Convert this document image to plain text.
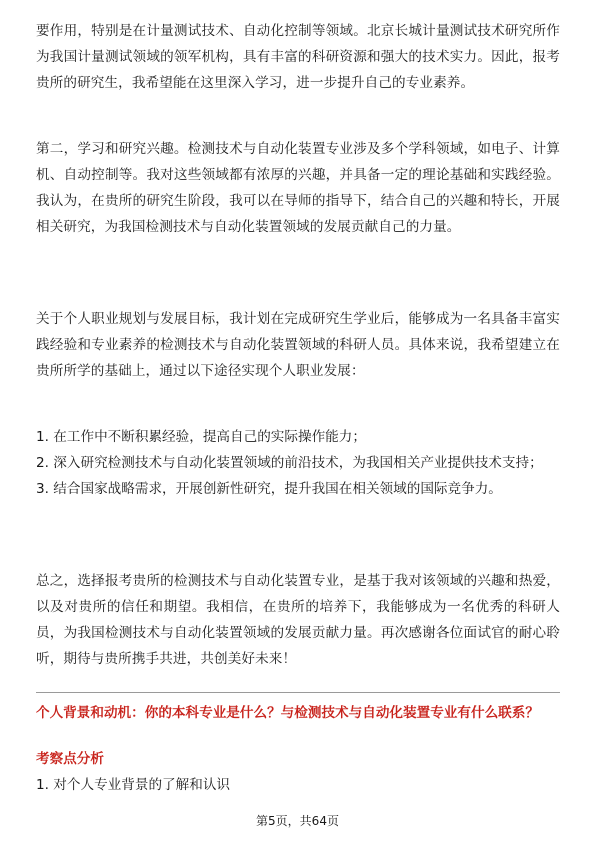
要作用，特别是在计量测试技术、自动化控制等领域。北京长城计量测试技术研究所作为我国计量测试领域的领军机构，具有丰富的科研资源和强大的技术实力。因此，报考贵所的研究生，我希望能在这里深入学习，进一步提升自己的专业素养。

第二，学习和研究兴趣。检测技术与自动化装置专业涉及多个学科领域，如电子、计算机、自动控制等。我对这些领域都有浓厚的兴趣，并具备一定的理论基础和实践经验。我认为，在贵所的研究生阶段，我可以在导师的指导下，结合自己的兴趣和特长，开展相关研究，为我国检测技术与自动化装置领域的发展贡献自己的力量。

关于个人职业规划与发展目标，我计划在完成研究生学业后，能够成为一名具备丰富实践经验和专业素养的检测技术与自动化装置领域的科研人员。具体来说，我希望建立在贵所所学的基础上，通过以下途径实现个人职业发展：

1. 在工作中不断积累经验，提高自己的实际操作能力；
2. 深入研究检测技术与自动化装置领域的前沿技术，为我国相关产业提供技术支持；
3. 结合国家战略需求，开展创新性研究，提升我国在相关领域的国际竞争力。

总之，选择报考贵所的检测技术与自动化装置专业，是基于我对该领域的兴趣和热爱，以及对贵所的信任和期望。我相信，在贵所的培养下，我能够成为一名优秀的科研人员，为我国检测技术与自动化装置领域的发展贡献力量。再次感谢各位面试官的耐心聆听，期待与贵所携手共进，共创美好未来！

个人背景和动机：你的本科专业是什么？与检测技术与自动化装置专业有什么联系？

考察点分析

1. 对个人专业背景的了解和认识

第5页，共64页
